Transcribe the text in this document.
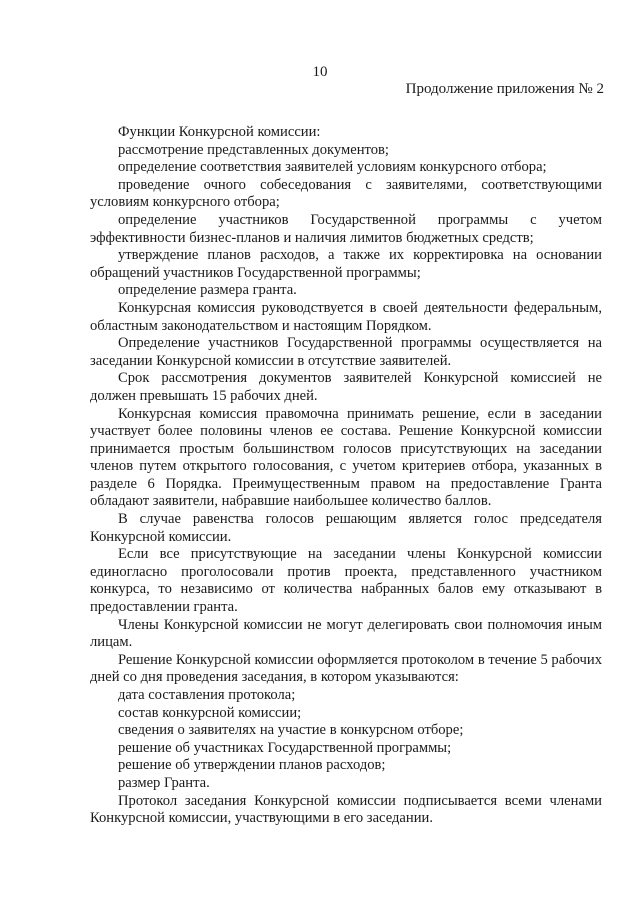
10
Продолжение приложения № 2

Функции Конкурсной комиссии:

рассмотрение представленных документов;

определение соответствия заявителей условиям конкурсного отбора;

проведение очного собеседования с заявителями, соответствующими условиям конкурсного отбора;

определение участников Государственной программы с учетом эффективности бизнес-планов и наличия лимитов бюджетных средств;

утверждение планов расходов, а также их корректировка на основании обращений участников Государственной программы;

определение размера гранта.

Конкурсная комиссия руководствуется в своей деятельности федеральным, областным законодательством и настоящим Порядком.

Определение участников Государственной программы осуществляется на заседании Конкурсной комиссии в отсутствие заявителей.

Срок рассмотрения документов заявителей Конкурсной комиссией не должен превышать 15 рабочих дней.

Конкурсная комиссия правомочна принимать решение, если в заседании участвует более половины членов ее состава. Решение Конкурсной комиссии принимается простым большинством голосов присутствующих на заседании членов путем открытого голосования, с учетом критериев отбора, указанных в разделе 6 Порядка. Преимущественным правом на предоставление Гранта обладают заявители, набравшие наибольшее количество баллов.

В случае равенства голосов решающим является голос председателя Конкурсной комиссии.

Если все присутствующие на заседании члены Конкурсной комиссии единогласно проголосовали против проекта, представленного участником конкурса, то независимо от количества набранных балов ему отказывают в предоставлении гранта.

Члены Конкурсной комиссии не могут делегировать свои полномочия иным лицам.

Решение Конкурсной комиссии оформляется протоколом в течение 5 рабочих дней со дня проведения заседания, в котором указываются:

дата составления протокола;

состав конкурсной комиссии;

сведения о заявителях на участие в конкурсном отборе;

решение об участниках Государственной программы;

решение об утверждении планов расходов;

размер Гранта.

Протокол заседания Конкурсной комиссии подписывается всеми членами Конкурсной комиссии, участвующими в его заседании.
